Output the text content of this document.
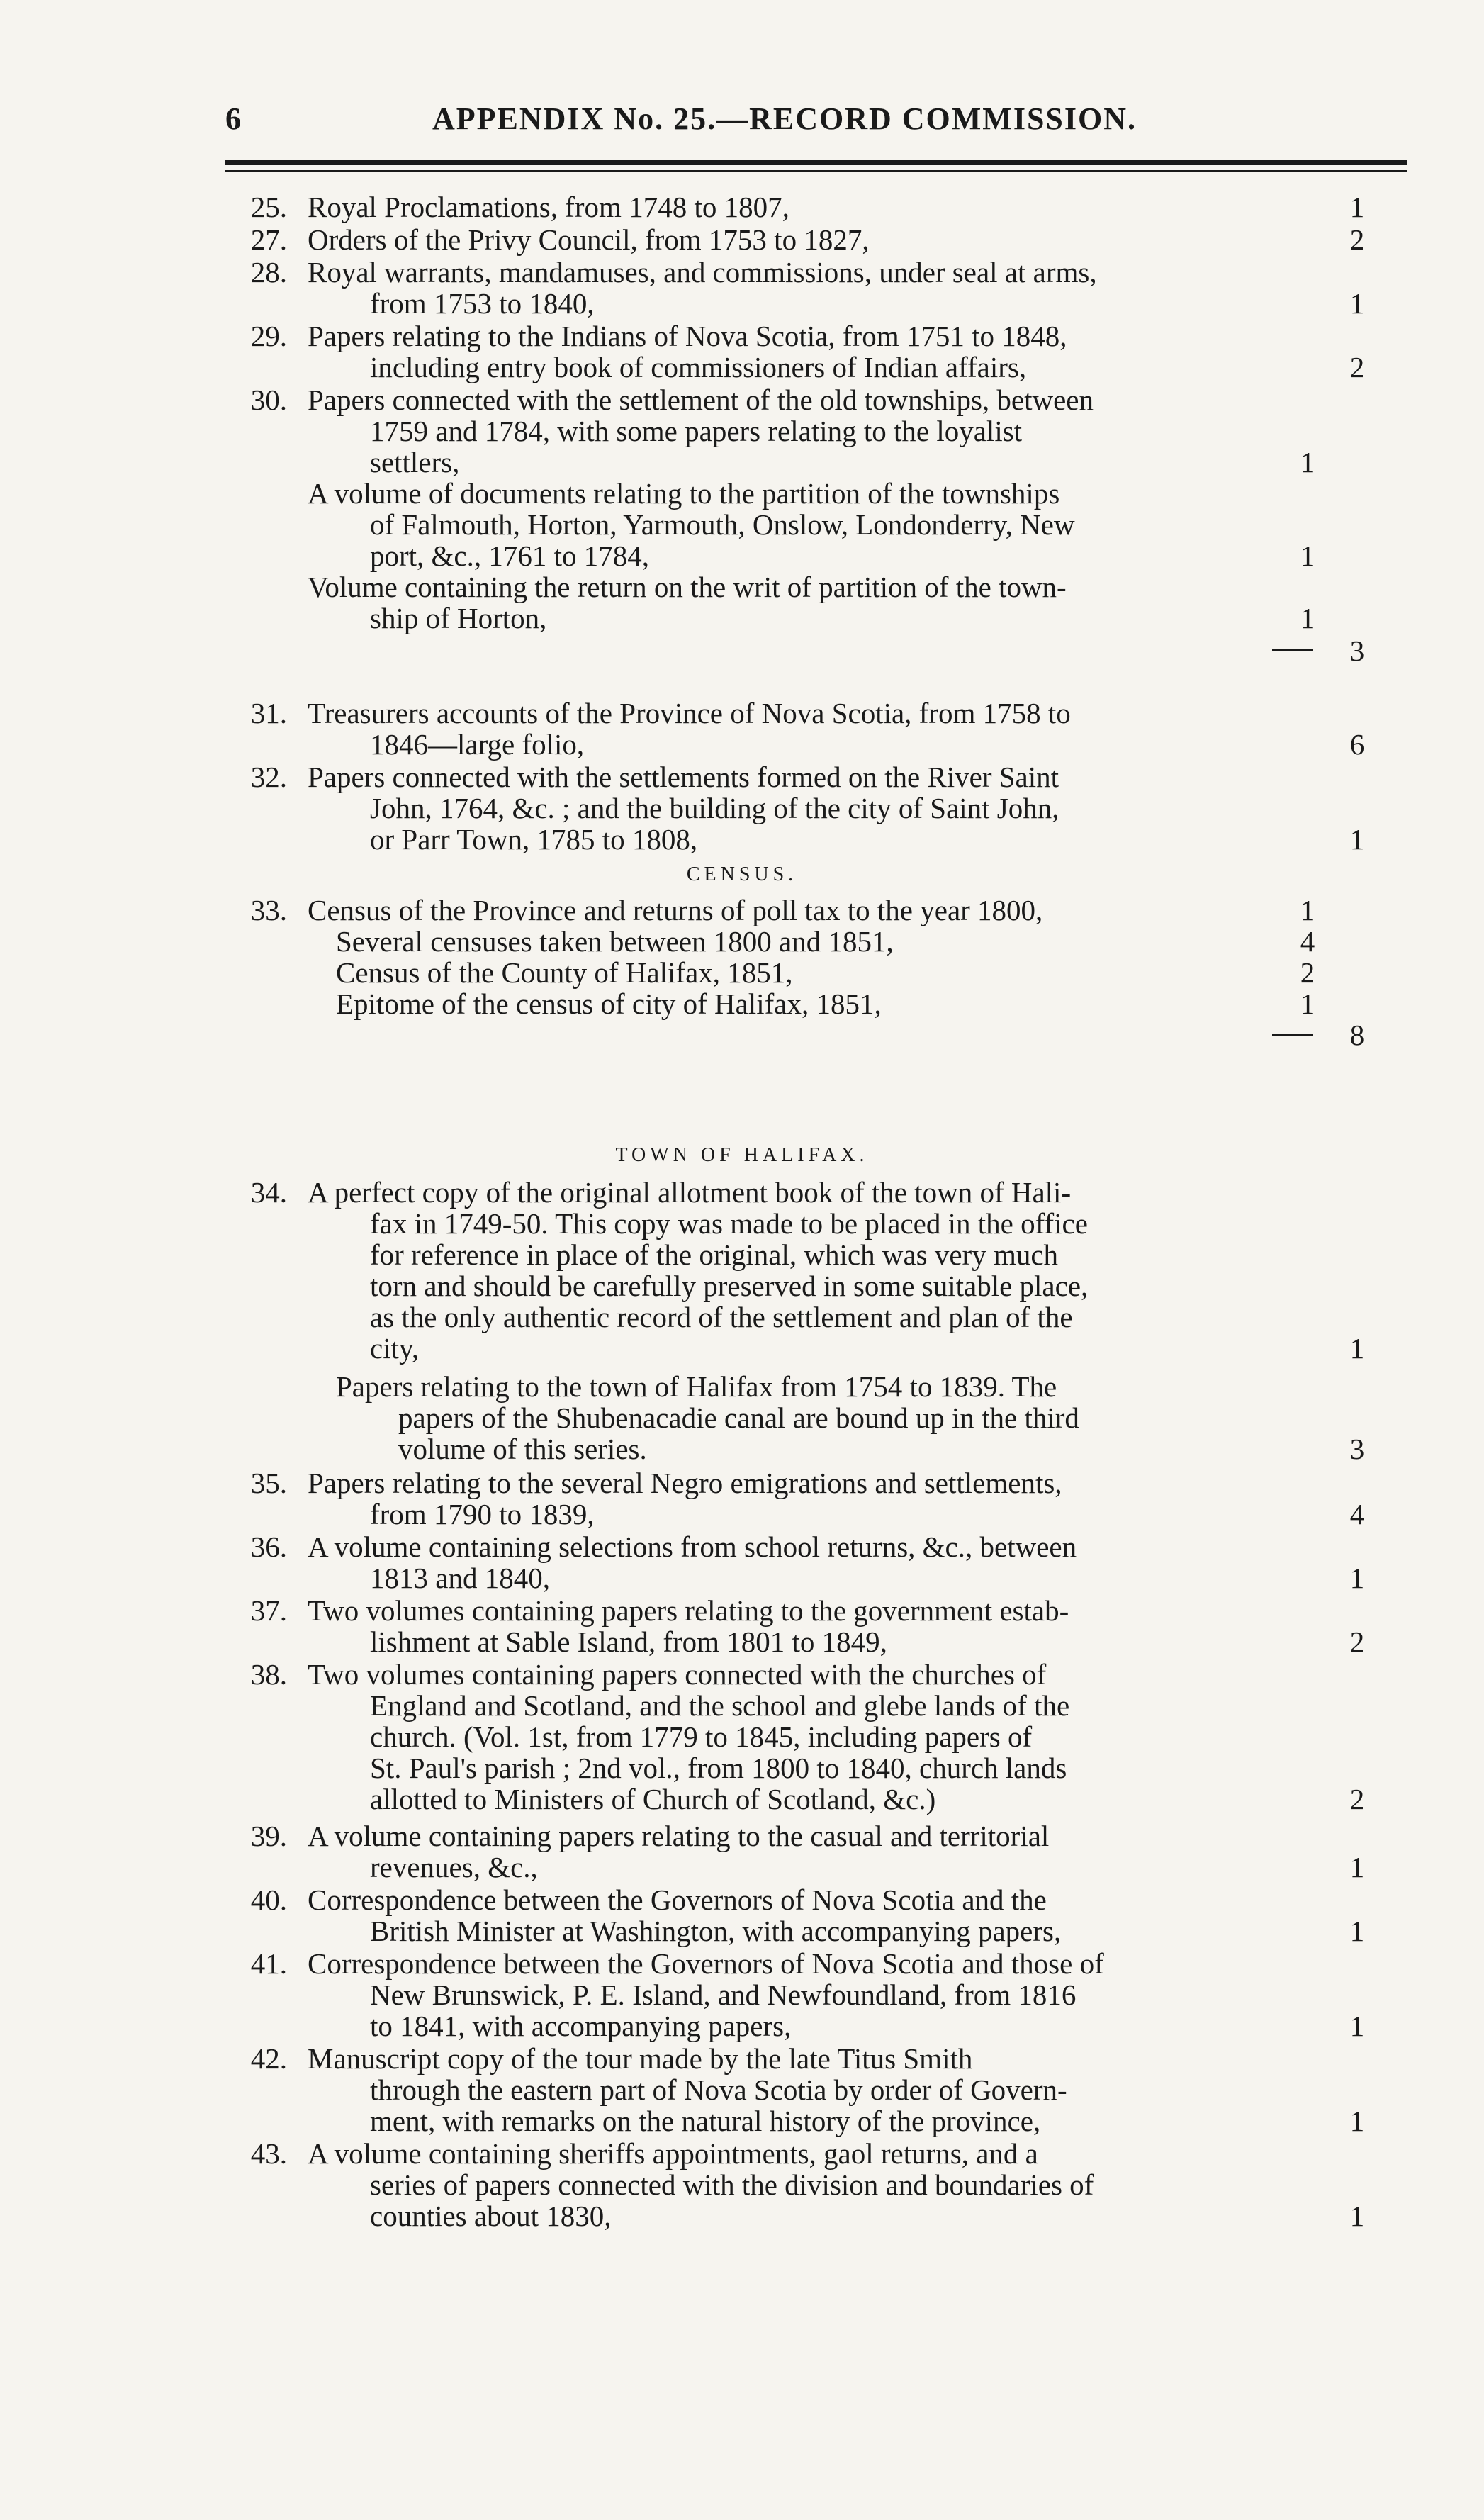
6	APPENDIX No. 25.—RECORD COMMISSION.
25. Royal Proclamations, from 1748 to 1807,	1
27. Orders of the Privy Council, from 1753 to 1827,	2
28. Royal warrants, mandamuses, and commissions, under seal at arms,
from 1753 to 1840,	1
29. Papers relating to the Indians of Nova Scotia, from 1751 to 1848,
including entry book of commissioners of Indian affairs,	2
30. Papers connected with the settlement of the old townships, between
1759 and 1784, with some papers relating to the loyalist
settlers,	1
A volume of documents relating to the partition of the townships
of Falmouth, Horton, Yarmouth, Onslow, Londonderry, New
port, &c., 1761 to 1784,	1
Volume containing the return on the writ of partition of the town-
ship of Horton,	1
3
31. Treasurers accounts of the Province of Nova Scotia, from 1758 to
1846—large folio,	6
32. Papers connected with the settlements formed on the River Saint
John, 1764, &c. ; and the building of the city of Saint John,
or Parr Town, 1785 to 1808,	1
CENSUS.
33. Census of the Province and returns of poll tax to the year 1800,	1
Several censuses taken between 1800 and 1851,	4
Census of the County of Halifax, 1851,	2
Epitome of the census of city of Halifax, 1851,	1
8
TOWN OF HALIFAX.
34. A perfect copy of the original allotment book of the town of Hali-
fax in 1749-50. This copy was made to be placed in the office
for reference in place of the original, which was very much
torn and should be carefully preserved in some suitable place,
as the only authentic record of the settlement and plan of the
city,	1
Papers relating to the town of Halifax from 1754 to 1839. The
papers of the Shubenacadie canal are bound up in the third
volume of this series.	3
35. Papers relating to the several Negro emigrations and settlements,
from 1790 to 1839,	4
36. A volume containing selections from school returns, &c., between
1813 and 1840,	1
37. Two volumes containing papers relating to the government estab-
lishment at Sable Island, from 1801 to 1849,	2
38. Two volumes containing papers connected with the churches of
England and Scotland, and the school and glebe lands of the
church. (Vol. 1st, from 1779 to 1845, including papers of
St. Paul's parish ; 2nd vol., from 1800 to 1840, church lands
allotted to Ministers of Church of Scotland, &c.)	2
39. A volume containing papers relating to the casual and territorial
revenues, &c.,	1
40. Correspondence between the Governors of Nova Scotia and the
British Minister at Washington, with accompanying papers,	1
41. Correspondence between the Governors of Nova Scotia and those of
New Brunswick, P. E. Island, and Newfoundland, from 1816
to 1841, with accompanying papers,	1
42. Manuscript copy of the tour made by the late Titus Smith
through the eastern part of Nova Scotia by order of Govern-
ment, with remarks on the natural history of the province,	1
43. A volume containing sheriffs appointments, gaol returns, and a
series of papers connected with the division and boundaries of
counties about 1830,	1
